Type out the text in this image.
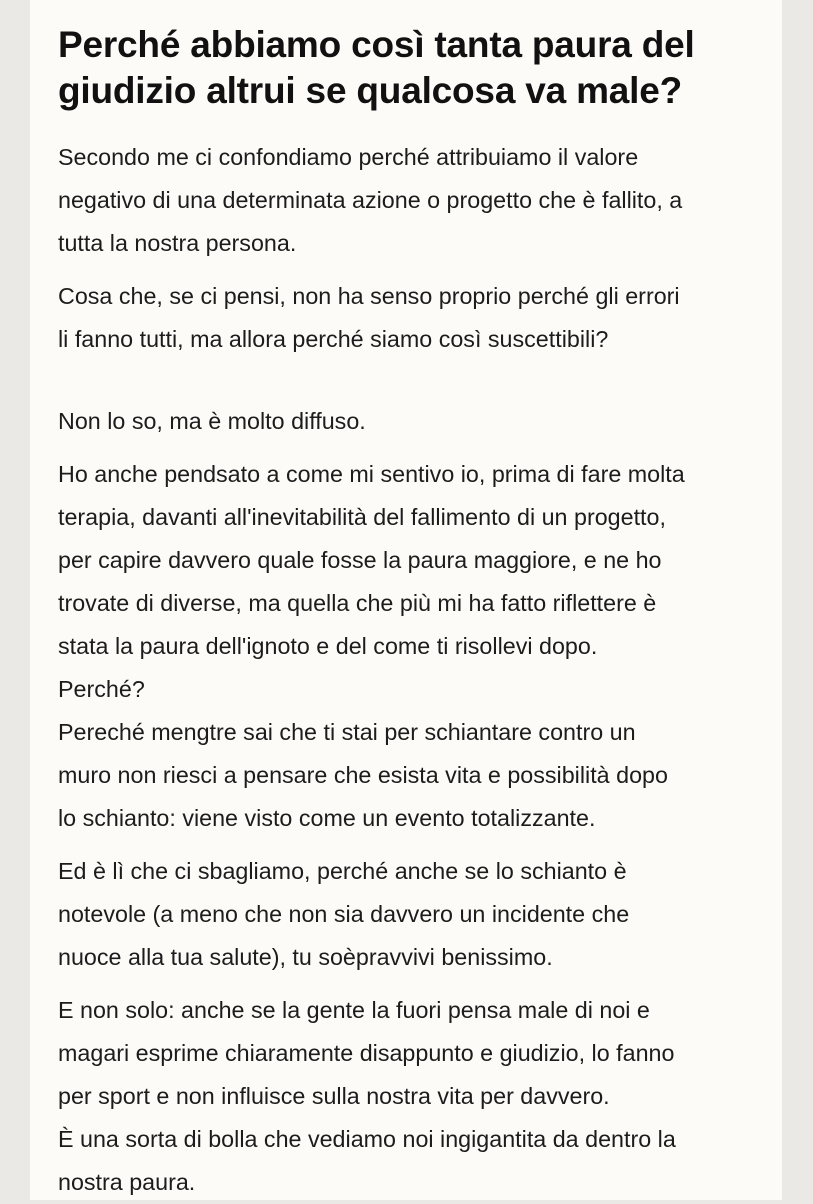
Perché abbiamo così tanta paura del giudizio altrui se qualcosa va male?

Secondo me ci confondiamo perché attribuiamo il valore
negativo di una determinata azione o progetto che è fallito, a
tutta la nostra persona.

Cosa che, se ci pensi, non ha senso proprio perché gli errori
li fanno tutti, ma allora perché siamo così suscettibili?

Non lo so, ma è molto diffuso.

Ho anche pendsato a come mi sentivo io, prima di fare molta
terapia, davanti all'inevitabilità del fallimento di un progetto,
per capire davvero quale fosse la paura maggiore, e ne ho
trovate di diverse, ma quella che più mi ha fatto riflettere è
stata la paura dell'ignoto e del come ti risollevi dopo.
Perché?
Pereché mengtre sai che ti stai per schiantare contro un
muro non riesci a pensare che esista vita e possibilità dopo
lo schianto: viene visto come un evento totalizzante.

Ed è lì che ci sbagliamo, perché anche se lo schianto è
notevole (a meno che non sia davvero un incidente che
nuoce alla tua salute), tu soèpravvivi benissimo.

E non solo: anche se la gente la fuori pensa male di noi e
magari esprime chiaramente disappunto e giudizio, lo fanno
per sport e non influisce sulla nostra vita per davvero.
È una sorta di bolla che vediamo noi ingigantita da dentro la
nostra paura.
